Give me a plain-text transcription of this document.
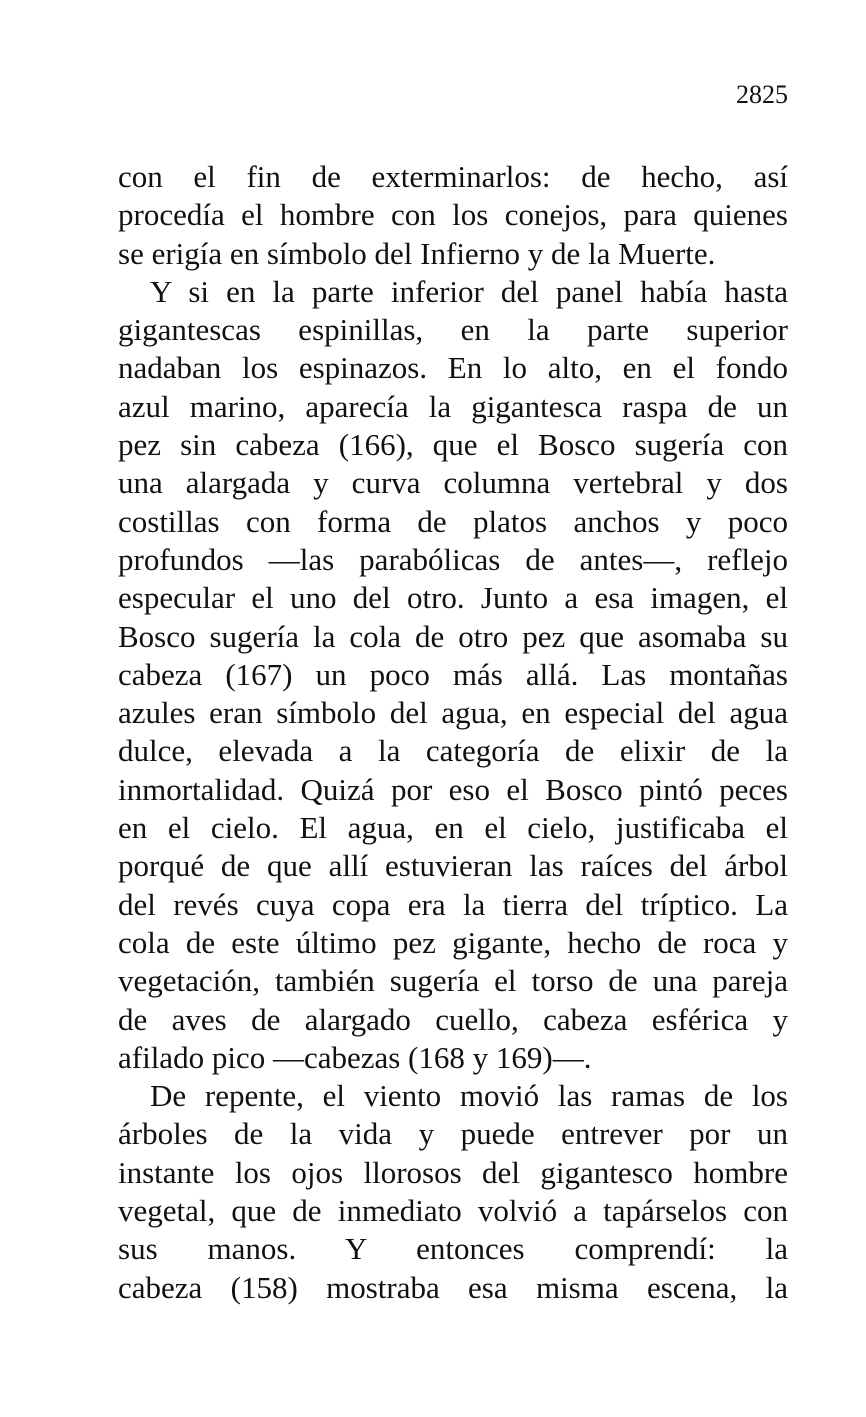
2825
con el fin de exterminarlos: de hecho, así
procedía el hombre con los conejos, para quienes
se erigía en símbolo del Infierno y de la Muerte.
Y si en la parte inferior del panel había hasta
gigantescas espinillas, en la parte superior
nadaban los espinazos. En lo alto, en el fondo
azul marino, aparecía la gigantesca raspa de un
pez sin cabeza (166), que el Bosco sugería con
una alargada y curva columna vertebral y dos
costillas con forma de platos anchos y poco
profundos —las parabólicas de antes—, reflejo
especular el uno del otro. Junto a esa imagen, el
Bosco sugería la cola de otro pez que asomaba su
cabeza (167) un poco más allá. Las montañas
azules eran símbolo del agua, en especial del agua
dulce, elevada a la categoría de elixir de la
inmortalidad. Quizá por eso el Bosco pintó peces
en el cielo. El agua, en el cielo, justificaba el
porqué de que allí estuvieran las raíces del árbol
del revés cuya copa era la tierra del tríptico. La
cola de este último pez gigante, hecho de roca y
vegetación, también sugería el torso de una pareja
de aves de alargado cuello, cabeza esférica y
afilado pico —cabezas (168 y 169)—.
De repente, el viento movió las ramas de los
árboles de la vida y puede entrever por un
instante los ojos llorosos del gigantesco hombre
vegetal, que de inmediato volvió a tapárselos con
sus manos. Y entonces comprendí: la
cabeza (158) mostraba esa misma escena, la
